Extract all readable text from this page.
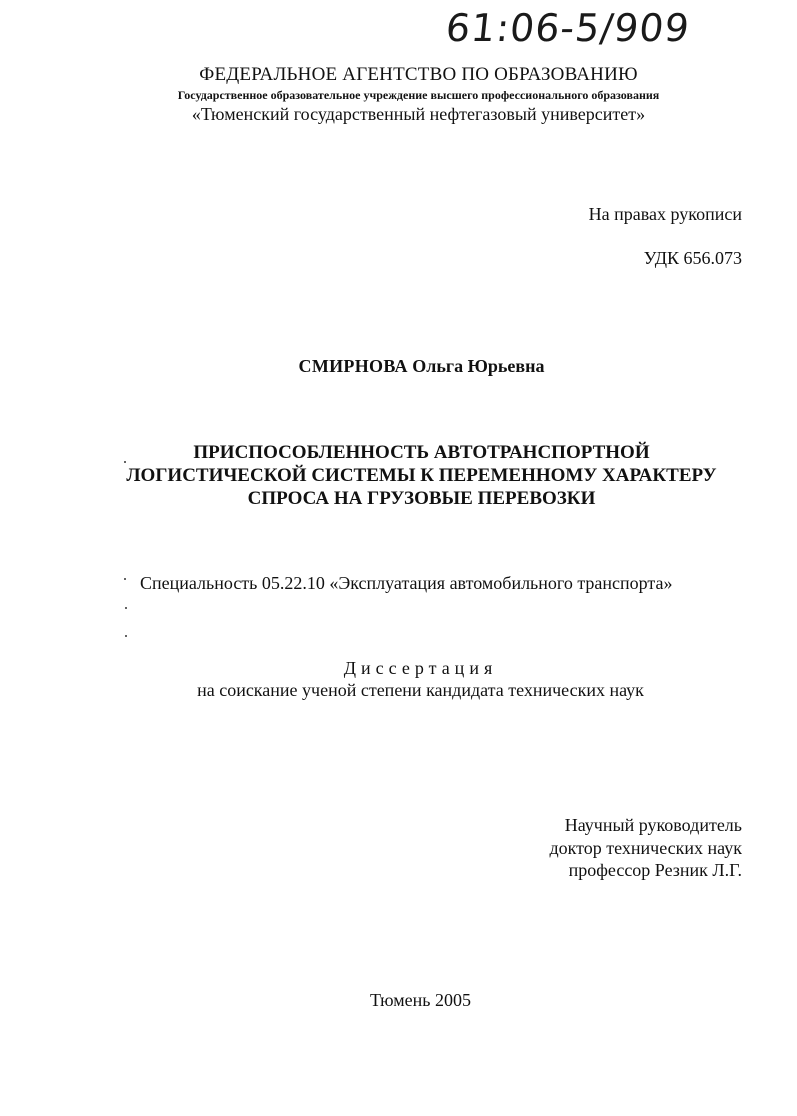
61:06-5/909
ФЕДЕРАЛЬНОЕ АГЕНТСТВО ПО ОБРАЗОВАНИЮ
Государственное образовательное учреждение высшего профессионального образования
«Тюменский государственный нефтегазовый университет»
На правах рукописи
УДК 656.073
СМИРНОВА Ольга Юрьевна
ПРИСПОСОБЛЕННОСТЬ АВТОТРАНСПОРТНОЙ
ЛОГИСТИЧЕСКОЙ СИСТЕМЫ К ПЕРЕМЕННОМУ ХАРАКТЕРУ
СПРОСА НА ГРУЗОВЫЕ ПЕРЕВОЗКИ
Специальность 05.22.10 «Эксплуатация автомобильного транспорта»
Диссертация
на соискание ученой степени кандидата технических наук
Научный руководитель
доктор технических наук
профессор Резник Л.Г.
Тюмень 2005
